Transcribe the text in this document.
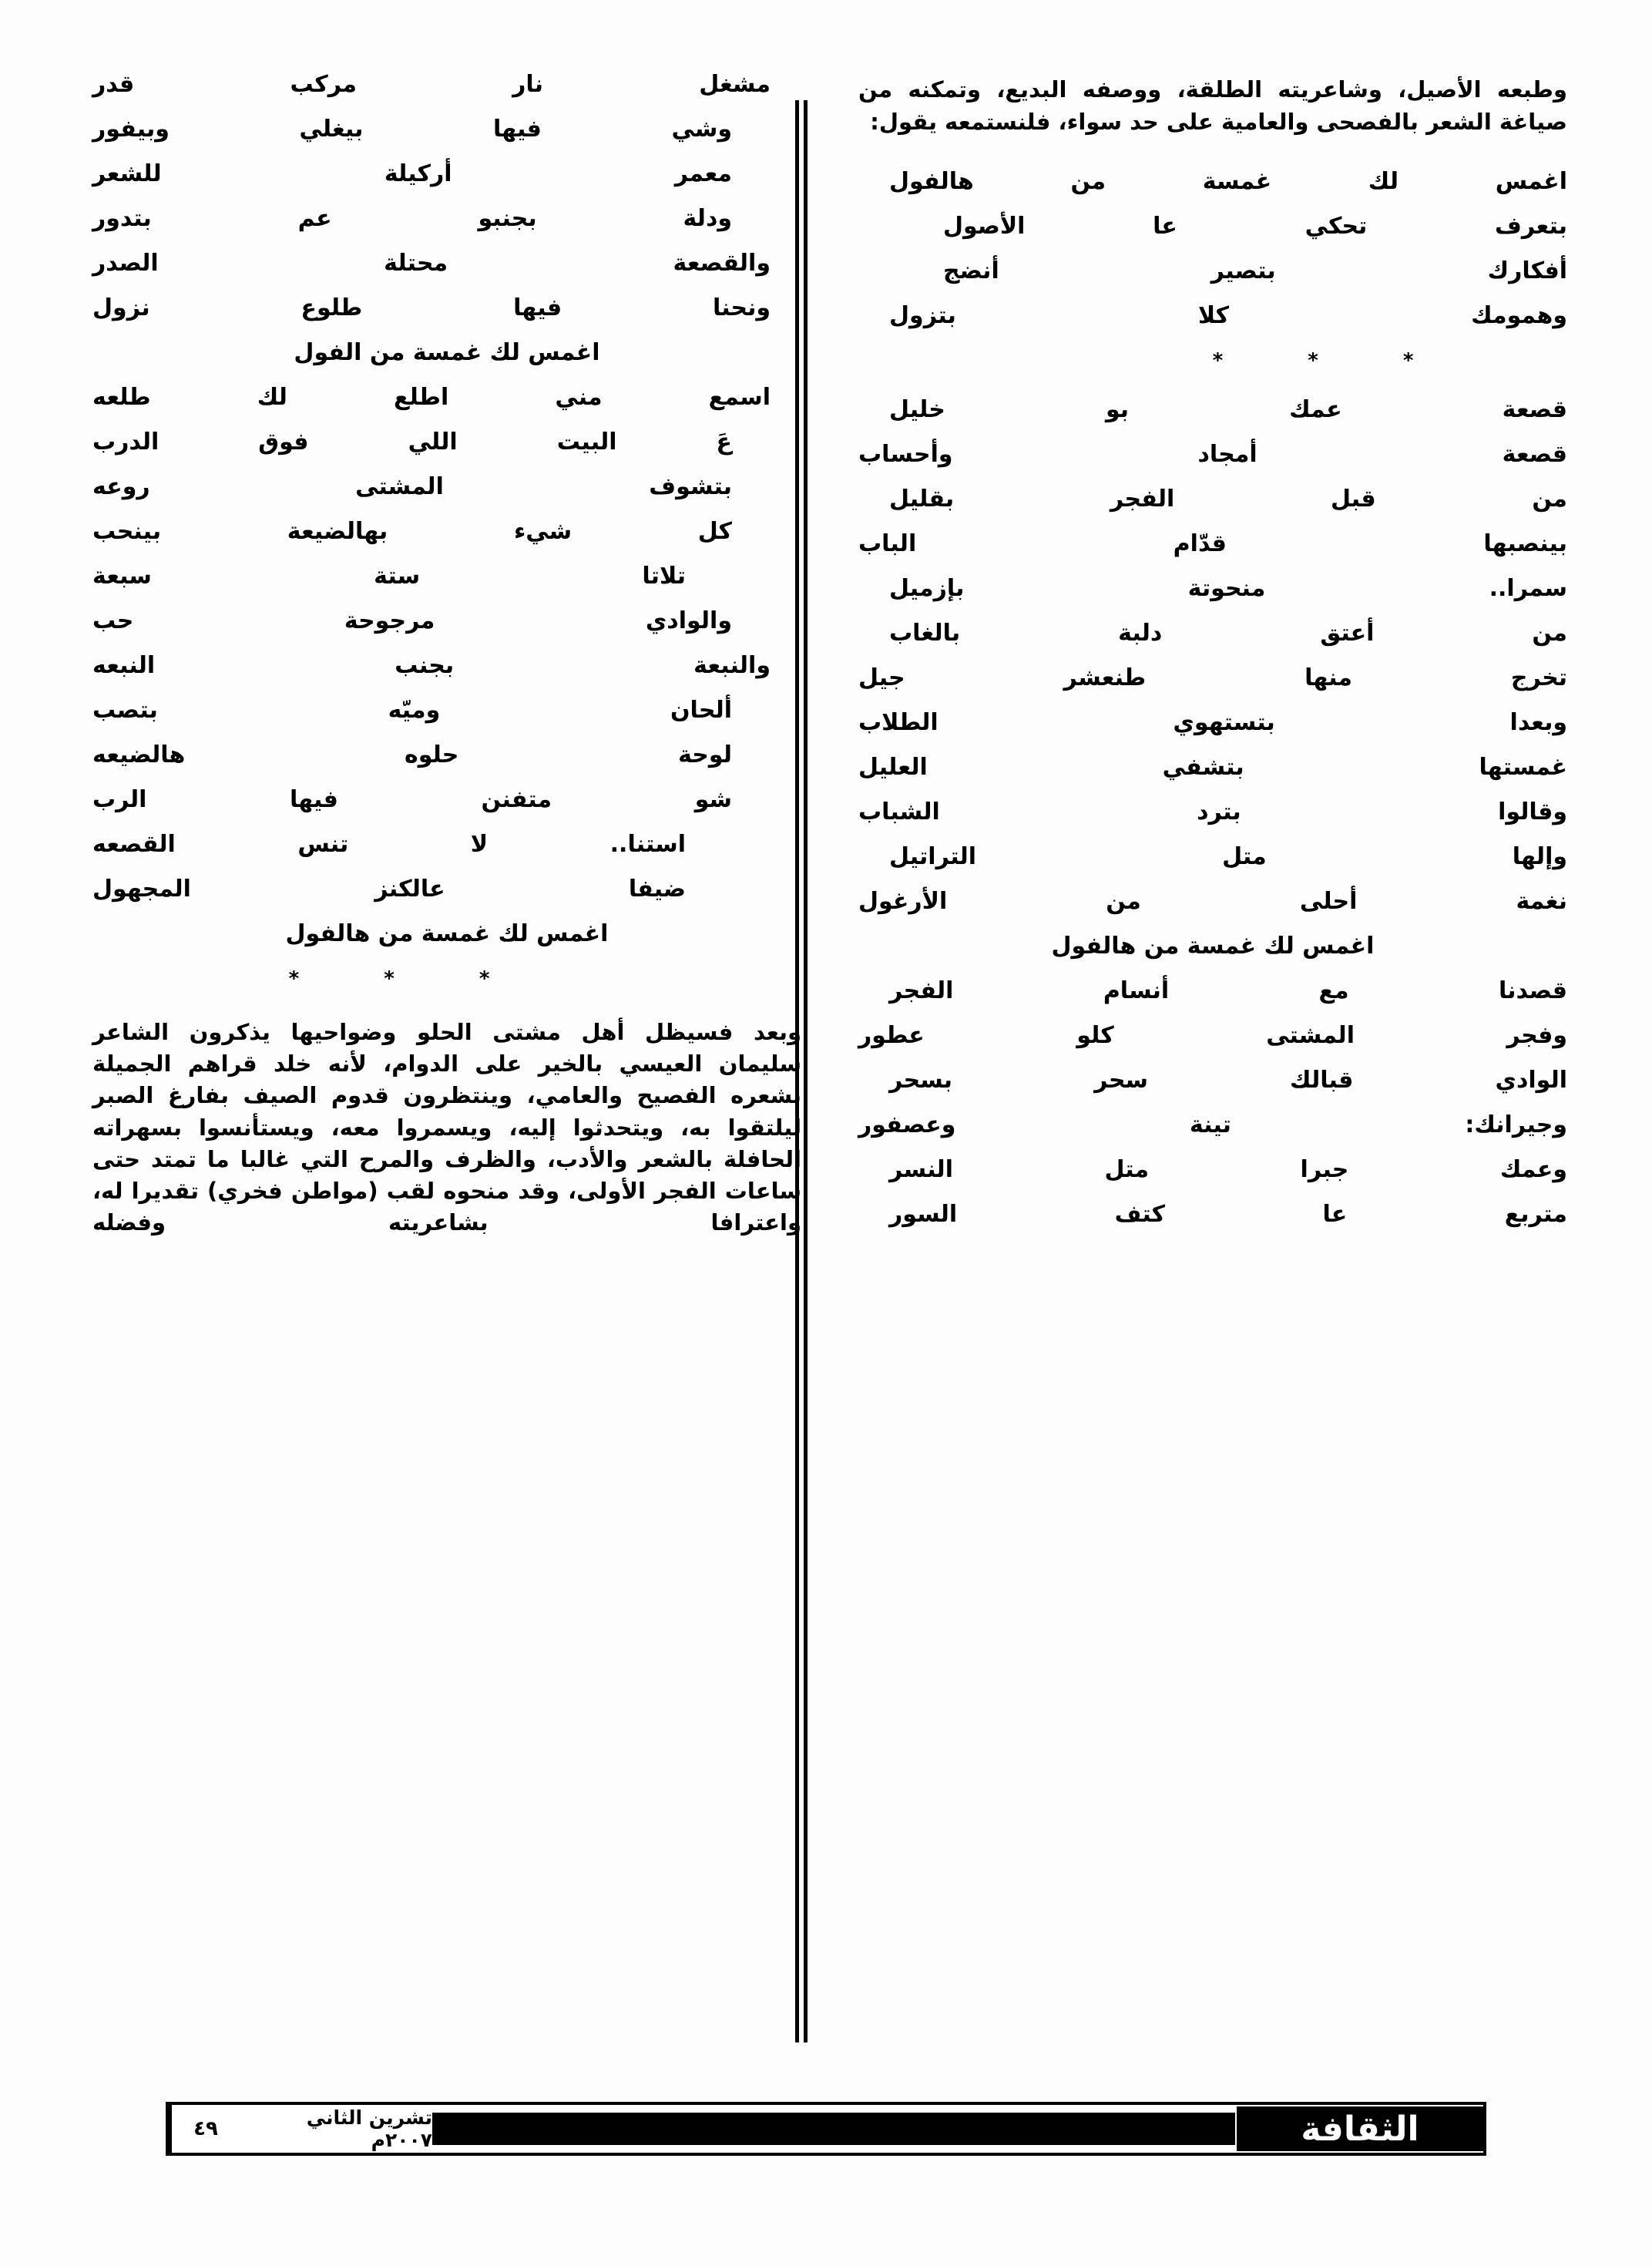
وطبعه الأصيل، وشاعريته الطلقة، ووصفه البديع، وتمكنه من صياغة الشعر بالفصحى والعامية على حد سواء، فلنستمعه يقول:

اغمس
لك
غمسة
من
هالفول

بتعرف
تحكي
عا
الأصول

أفكارك
بتصير
أنضج

وهمومك
كلا
بتزول

*
*
*

قصعة
عمك
بو
خليل

قصعة
أمجاد
وأحساب

من
قبل
الفجر
بقليل

بينصبها
قدّام
الباب

سمرا..
منحوتة
بإزميل

من
أعتق
دلبة
بالغاب

تخرج
منها
طنعشر
جيل

وبعدا
بتستهوي
الطلاب

غمستها
بتشفي
العليل

وقالوا
بترد
الشباب

وإلها
متل
التراتيل

نغمة
أحلى
من
الأرغول

اغمس لك غمسة من هالفول

قصدنا
مع
أنسام
الفجر

وفجر
المشتى
كلو
عطور

الوادي
قبالك
سحر
بسحر

وجيرانك:
تينة
وعصفور

وعمك
جبرا
متل
النسر

متربع
عا
كتف
السور

مشغل
نار
مركب
قدر

وشي
فيها
بيغلي
وبيفور

معمر
أركيلة
للشعر

ودلة
بجنبو
عم
بتدور

والقصعة
محتلة
الصدر

ونحنا
فيها
طلوع
نزول

اغمس لك غمسة من الفول

اسمع
مني
اطلع
لك
طلعه

عَ
البيت
اللي
فوق
الدرب

بتشوف
المشتى
روعه

كل
شيء
بهالضيعة
بينحب

تلاتا
ستة
سبعة

والوادي
مرجوحة
حب

والنبعة
بجنب
النبعه

ألحان
وميّه
بتصب

لوحة
حلوه
هالضيعه

شو
متفنن
فيها
الرب

استنا..
لا
تنس
القصعه

ضيفا
عالكنز
المجهول

اغمس لك غمسة من هالفول

*
*
*

وبعد فسيظل أهل مشتى الحلو وضواحيها يذكرون الشاعر سليمان العيسي بالخير على الدوام، لأنه خلد قراهم الجميلة بشعره الفصيح والعامي، وينتظرون قدوم الصيف بفارغ الصبر ليلتقوا به، ويتحدثوا إليه، ويسمروا معه، ويستأنسوا بسهراته الحافلة بالشعر والأدب، والظرف والمرح التي غالبا ما تمتد حتى ساعات الفجر الأولى، وقد منحوه لقب (مواطن فخري) تقديرا له، واعترافا بشاعريته وفضله

الثقافة
تشرين الثاني ٢٠٠٧م
٤٩
